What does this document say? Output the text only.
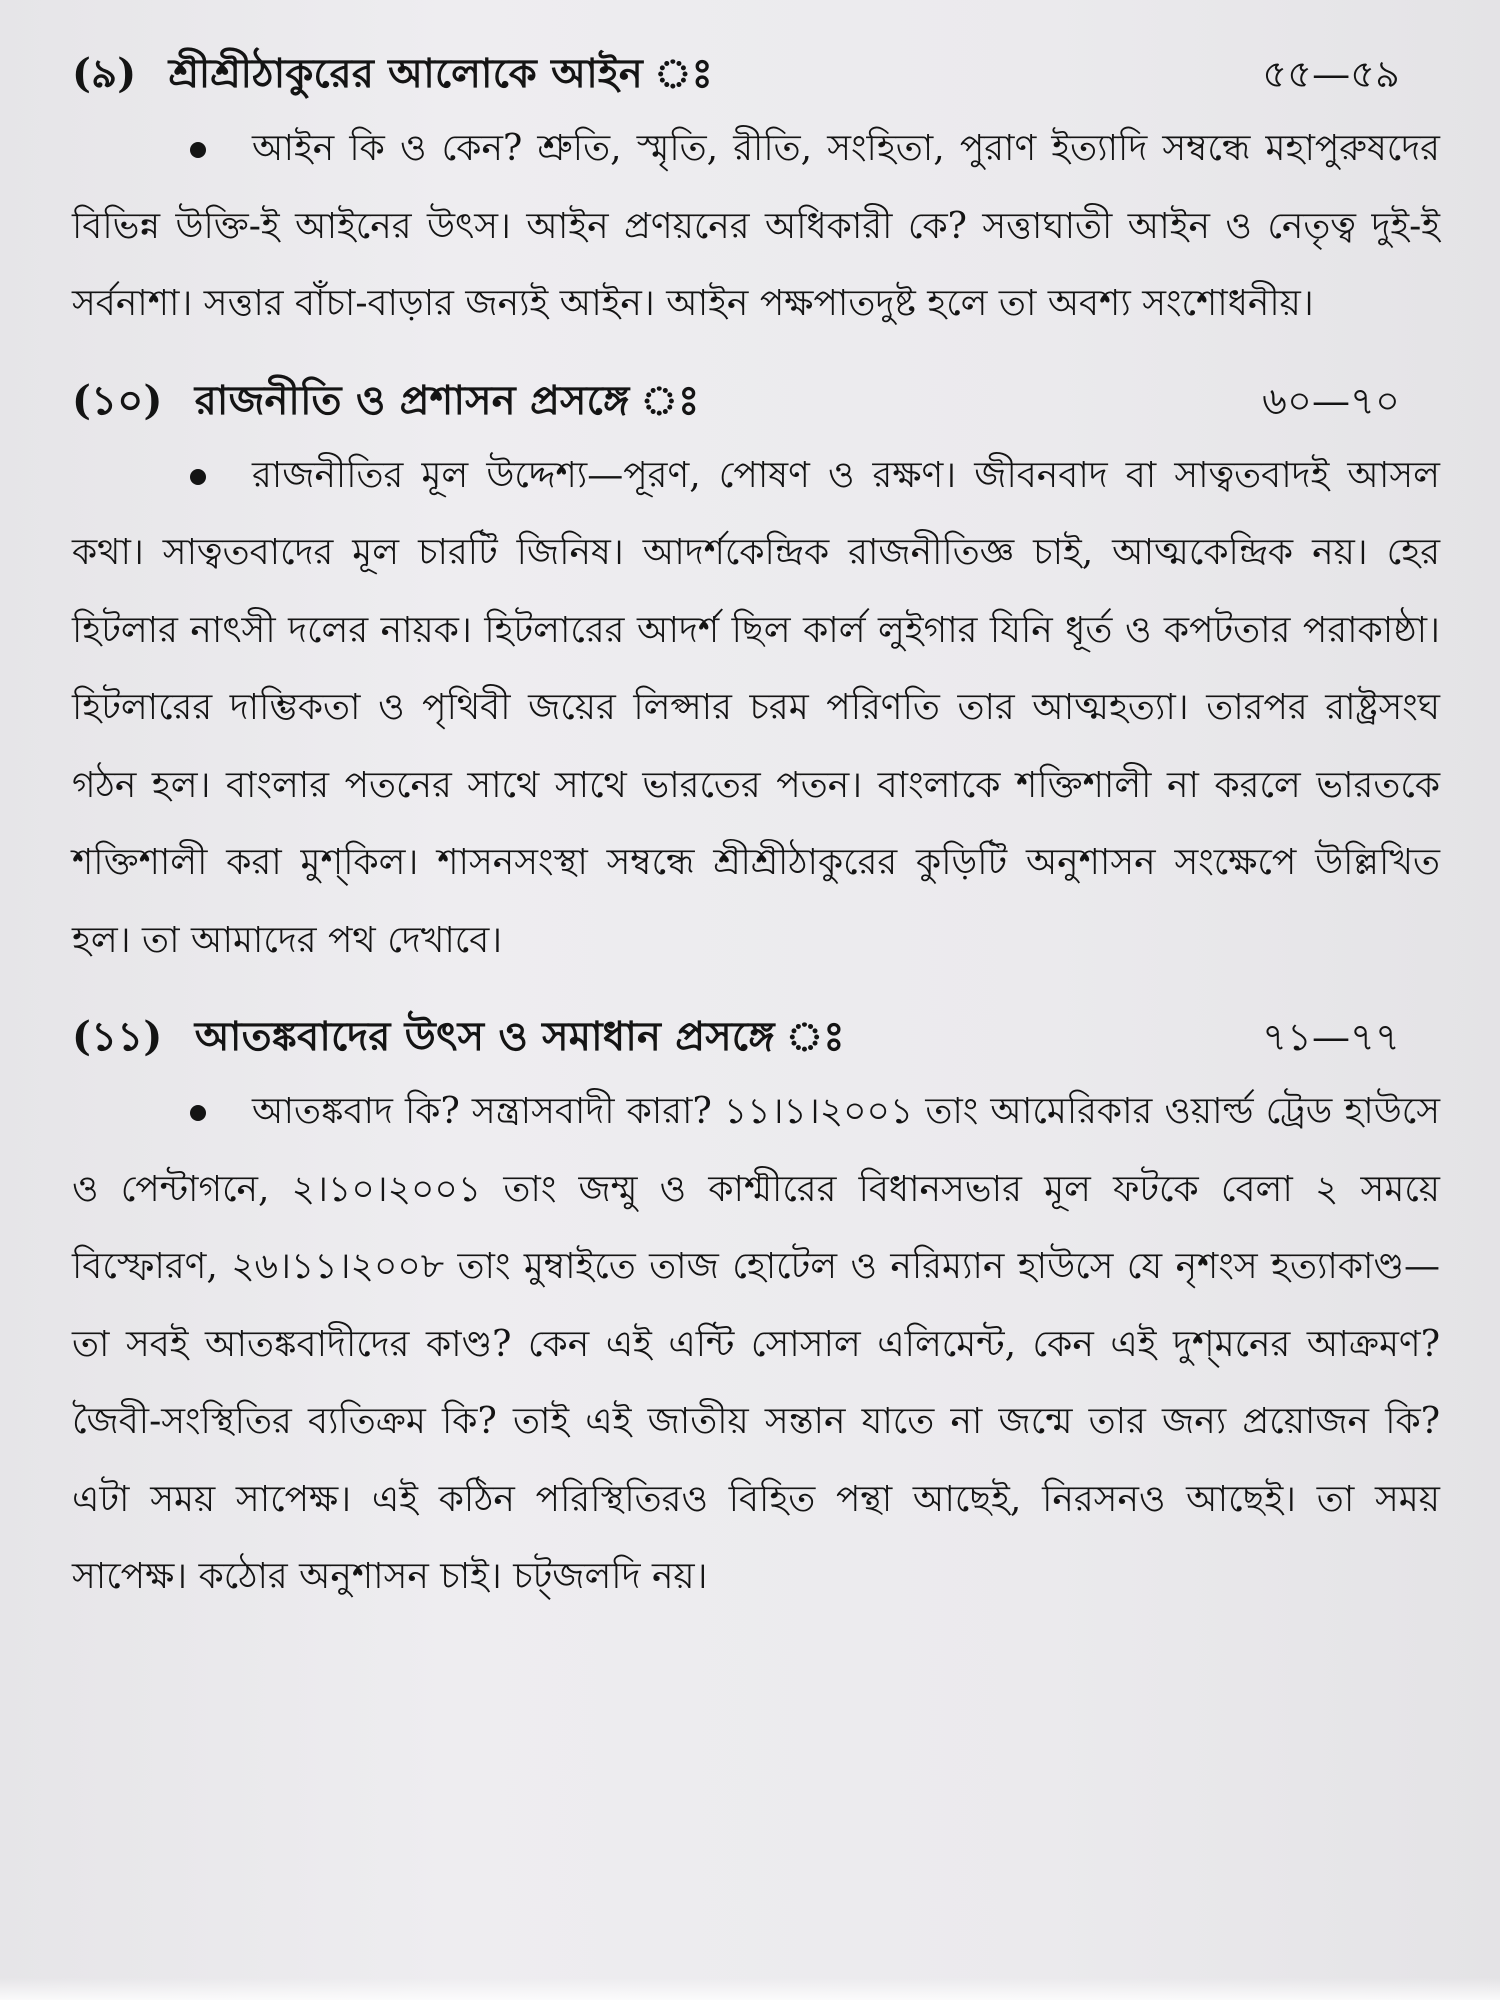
(৯) শ্রীশ্রীঠাকুরের আলোকে আইন ঃ	৫৫—৫৯

আইন কি ও কেন? শ্রুতি, স্মৃতি, রীতি, সংহিতা, পুরাণ ইত্যাদি সম্বন্ধে মহাপুরুষদের বিভিন্ন উক্তি-ই আইনের উৎস। আইন প্রণয়নের অধিকারী কে? সত্তাঘাতী আইন ও নেতৃত্ব দুই-ই সর্বনাশা। সত্তার বাঁচা-বাড়ার জন্যই আইন। আইন পক্ষপাতদুষ্ট হলে তা অবশ্য সংশোধনীয়।

(১০) রাজনীতি ও প্রশাসন প্রসঙ্গে ঃ	৬০—৭০

রাজনীতির মূল উদ্দেশ্য—পূরণ, পোষণ ও রক্ষণ। জীবনবাদ বা সাত্বতবাদই আসল কথা। সাত্বতবাদের মূল চারটি জিনিষ। আদর্শকেন্দ্রিক রাজনীতিজ্ঞ চাই, আত্মকেন্দ্রিক নয়। হের হিটলার নাৎসী দলের নায়ক। হিটলারের আদর্শ ছিল কার্ল লুইগার যিনি ধূর্ত ও কপটতার পরাকাষ্ঠা। হিটলারের দাম্ভিকতা ও পৃথিবী জয়ের লিপ্সার চরম পরিণতি তার আত্মহত্যা। তারপর রাষ্ট্রসংঘ গঠন হল। বাংলার পতনের সাথে সাথে ভারতের পতন। বাংলাকে শক্তিশালী না করলে ভারতকে শক্তিশালী করা মুশ্‌কিল। শাসনসংস্থা সম্বন্ধে শ্রীশ্রীঠাকুরের কুড়িটি অনুশাসন সংক্ষেপে উল্লিখিত হল। তা আমাদের পথ দেখাবে।

(১১) আতঙ্কবাদের উৎস ও সমাধান প্রসঙ্গে ঃ	৭১—৭৭

আতঙ্কবাদ কি? সন্ত্রাসবাদী কারা? ১১।১।২০০১ তাং আমেরিকার ওয়ার্ল্ড ট্রেড হাউসে ও পেন্টাগনে, ২।১০।২০০১ তাং জম্মু ও কাশ্মীরের বিধানসভার মূল ফটকে বেলা ২ সময়ে বিস্ফোরণ, ২৬।১১।২০০৮ তাং মুম্বাইতে তাজ হোটেল ও নরিম্যান হাউসে যে নৃশংস হত্যাকাণ্ড—তা সবই আতঙ্কবাদীদের কাণ্ড? কেন এই এন্টি সোসাল এলিমেন্ট, কেন এই দুশ্‌মনের আক্রমণ? জৈবী-সংস্থিতির ব্যতিক্রম কি? তাই এই জাতীয় সন্তান যাতে না জন্মে তার জন্য প্রয়োজন কি? এটা সময় সাপেক্ষ। এই কঠিন পরিস্থিতিরও বিহিত পন্থা আছেই, নিরসনও আছেই। তা সময় সাপেক্ষ। কঠোর অনুশাসন চাই। চট্‌জলদি নয়।
